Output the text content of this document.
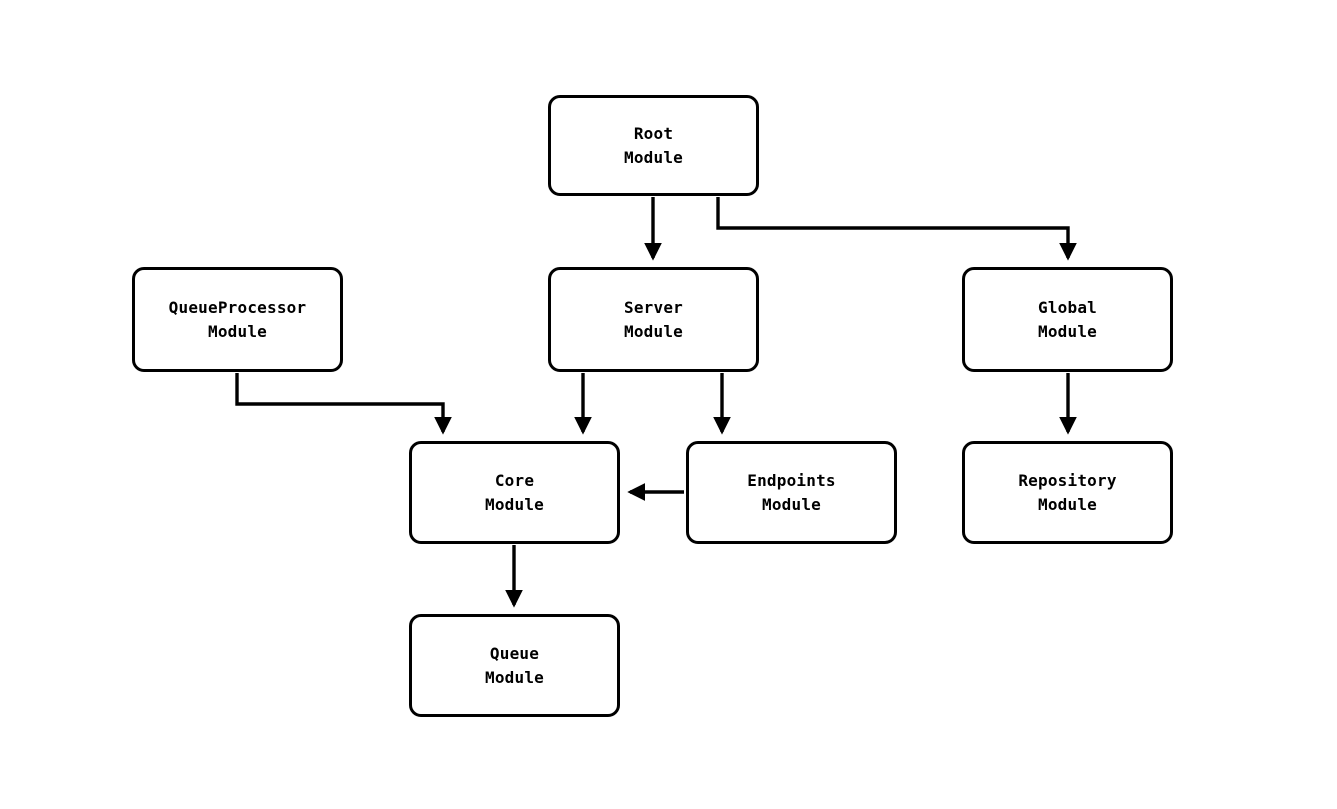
Root
Module
QueueProcessor
Module
Server
Module
Global
Module
Core
Module
Endpoints
Module
Repository
Module
Queue
Module
